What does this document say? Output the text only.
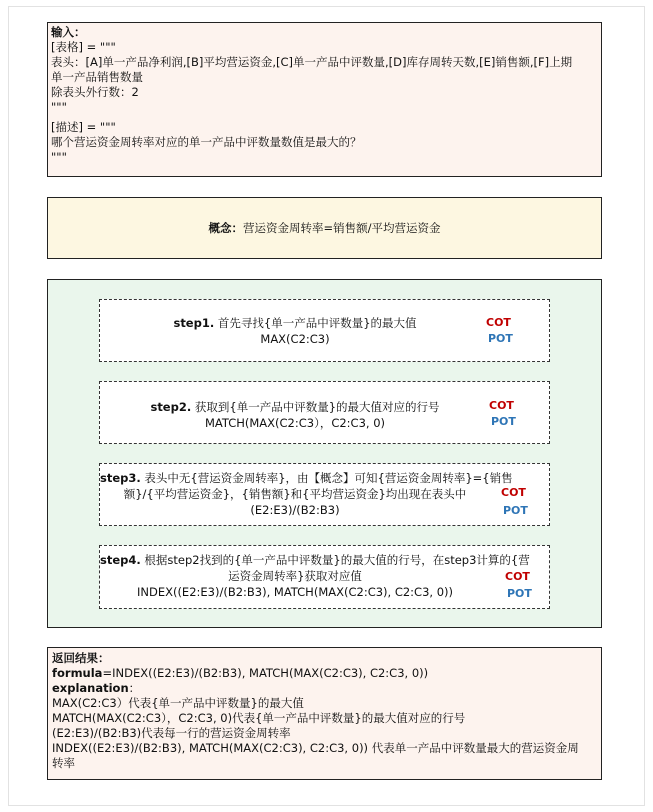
输入：
[表格] = """
表头：[A]单一产品净利润,[B]平均营运资金,[C]单一产品中评数量,[D]库存周转天数,[E]销售额,[F]上期
单一产品销售数量
除表头外行数：2
"""
[描述] = """
哪个营运资金周转率对应的单一产品中评数量数值是最大的？
"""
概念： 营运资金周转率=销售额/平均营运资金
step1. 首先寻找{单一产品中评数量}的最大值
MAX(C2:C3)
COT
POT
step2. 获取到{单一产品中评数量}的最大值对应的行号
MATCH(MAX(C2:C3），C2:C3, 0)
COT
POT
step3. 表头中无{营运资金周转率}，由【概念】可知{营运资金周转率}={销售
额}/{平均营运资金}，{销售额}和{平均营运资金}均出现在表头中
(E2:E3)/(B2:B3)
COT
POT
step4. 根据step2找到的{单一产品中评数量}的最大值的行号，在step3计算的{营
运资金周转率}获取对应值
INDEX((E2:E3)/(B2:B3), MATCH(MAX(C2:C3), C2:C3, 0))
COT
POT
返回结果：
formula=INDEX((E2:E3)/(B2:B3), MATCH(MAX(C2:C3), C2:C3, 0))
explanation：
MAX(C2:C3）代表{单一产品中评数量}的最大值
MATCH(MAX(C2:C3），C2:C3, 0)代表{单一产品中评数量}的最大值对应的行号
(E2:E3)/(B2:B3)代表每一行的营运资金周转率
INDEX((E2:E3)/(B2:B3), MATCH(MAX(C2:C3), C2:C3, 0)) 代表单一产品中评数量最大的营运资金周
转率
